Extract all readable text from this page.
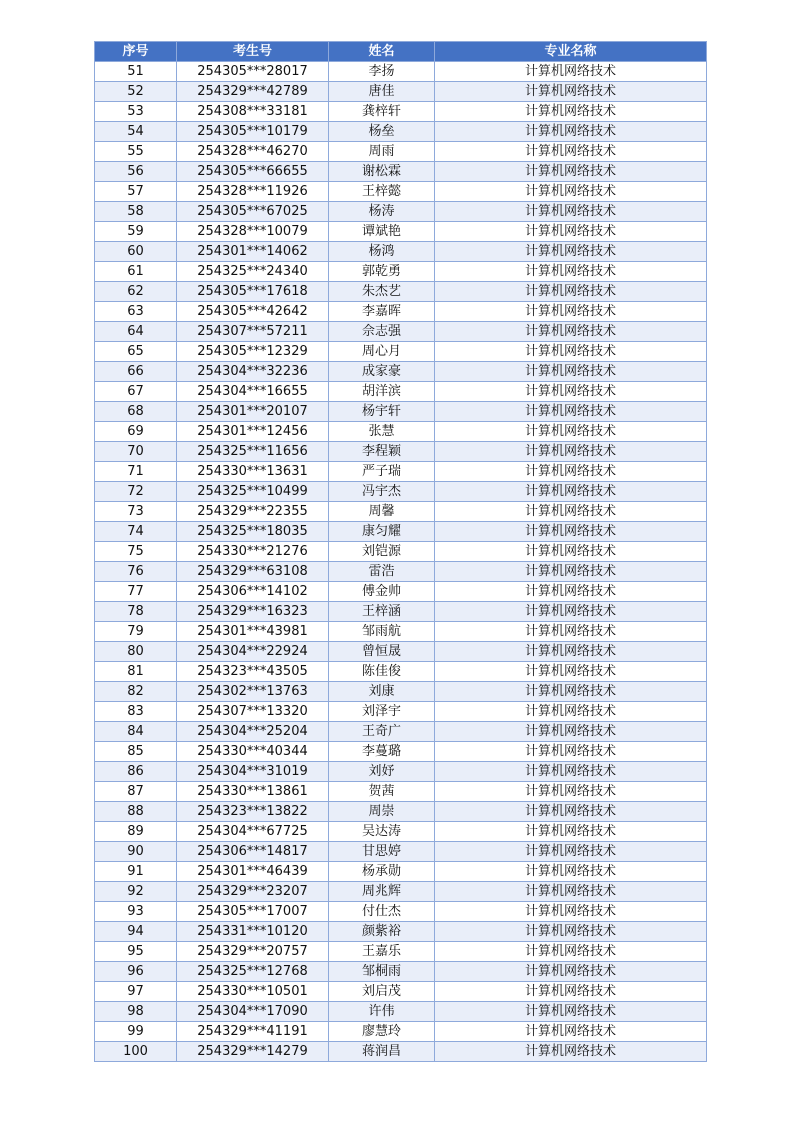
序号	考生号	姓名	专业名称
51	254305***28017	李扬	计算机网络技术
52	254329***42789	唐佳	计算机网络技术
53	254308***33181	龚梓轩	计算机网络技术
54	254305***10179	杨垒	计算机网络技术
55	254328***46270	周雨	计算机网络技术
56	254305***66655	谢松霖	计算机网络技术
57	254328***11926	王梓懿	计算机网络技术
58	254305***67025	杨涛	计算机网络技术
59	254328***10079	谭斌艳	计算机网络技术
60	254301***14062	杨鸿	计算机网络技术
61	254325***24340	郭乾勇	计算机网络技术
62	254305***17618	朱杰艺	计算机网络技术
63	254305***42642	李嘉晖	计算机网络技术
64	254307***57211	佘志强	计算机网络技术
65	254305***12329	周心月	计算机网络技术
66	254304***32236	成家豪	计算机网络技术
67	254304***16655	胡洋滨	计算机网络技术
68	254301***20107	杨宇轩	计算机网络技术
69	254301***12456	张慧	计算机网络技术
70	254325***11656	李程颖	计算机网络技术
71	254330***13631	严子瑞	计算机网络技术
72	254325***10499	冯宇杰	计算机网络技术
73	254329***22355	周馨	计算机网络技术
74	254325***18035	康匀耀	计算机网络技术
75	254330***21276	刘铠源	计算机网络技术
76	254329***63108	雷浩	计算机网络技术
77	254306***14102	傅金帅	计算机网络技术
78	254329***16323	王梓涵	计算机网络技术
79	254301***43981	邹雨航	计算机网络技术
80	254304***22924	曾恒晟	计算机网络技术
81	254323***43505	陈佳俊	计算机网络技术
82	254302***13763	刘康	计算机网络技术
83	254307***13320	刘泽宇	计算机网络技术
84	254304***25204	王奇广	计算机网络技术
85	254330***40344	李蔓璐	计算机网络技术
86	254304***31019	刘妤	计算机网络技术
87	254330***13861	贺茜	计算机网络技术
88	254323***13822	周崇	计算机网络技术
89	254304***67725	吴达涛	计算机网络技术
90	254306***14817	甘思婷	计算机网络技术
91	254301***46439	杨承勋	计算机网络技术
92	254329***23207	周兆辉	计算机网络技术
93	254305***17007	付仕杰	计算机网络技术
94	254331***10120	颜紫裕	计算机网络技术
95	254329***20757	王嘉乐	计算机网络技术
96	254325***12768	邹桐雨	计算机网络技术
97	254330***10501	刘启茂	计算机网络技术
98	254304***17090	许伟	计算机网络技术
99	254329***41191	廖慧玲	计算机网络技术
100	254329***14279	蒋润昌	计算机网络技术
